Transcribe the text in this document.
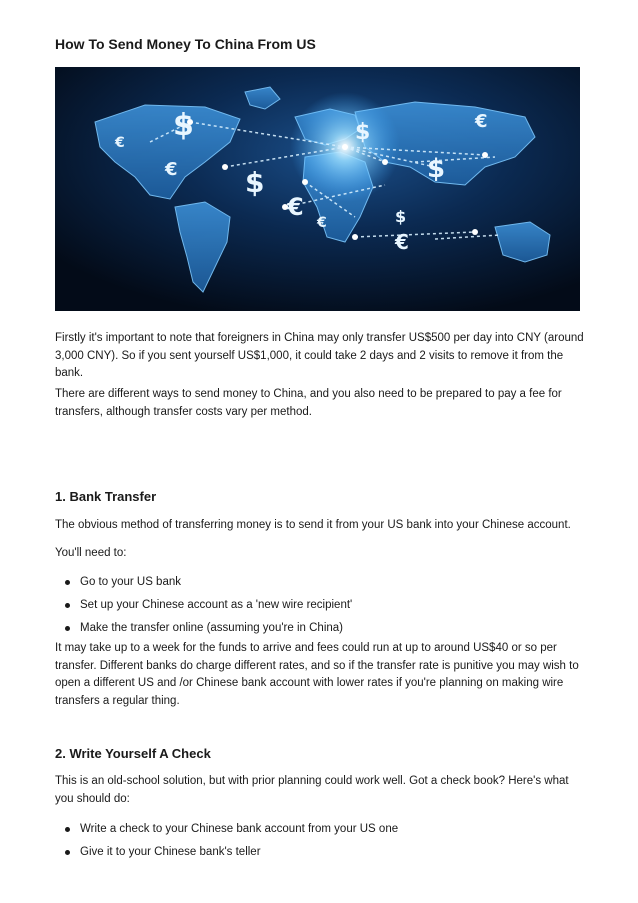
How To Send Money To China From US
$
$
$
$
$
€
€
€
€
€
€

Firstly it's important to note that foreigners in China may only transfer US$500 per day into CNY (around 3,000 CNY). So if you sent yourself US$1,000, it could take 2 days and 2 visits to remove it from the bank.

There are different ways to send money to China, and you also need to be prepared to pay a fee for transfers, although transfer costs vary per method.

1. Bank Transfer

The obvious method of transferring money is to send it from your US bank into your Chinese account.

You'll need to:

Go to your US bank
Set up your Chinese account as a 'new wire recipient'
Make the transfer online (assuming you're in China)

It may take up to a week for the funds to arrive and fees could run at up to around US$40 or so per transfer. Different banks do charge different rates, and so if the transfer rate is punitive you may wish to open a different US and /or Chinese bank account with lower rates if you're planning on making wire transfers a regular thing.

2. Write Yourself A Check

This is an old-school solution, but with prior planning could work well. Got a check book? Here's what you should do:

Write a check to your Chinese bank account from your US one
Give it to your Chinese bank's teller
